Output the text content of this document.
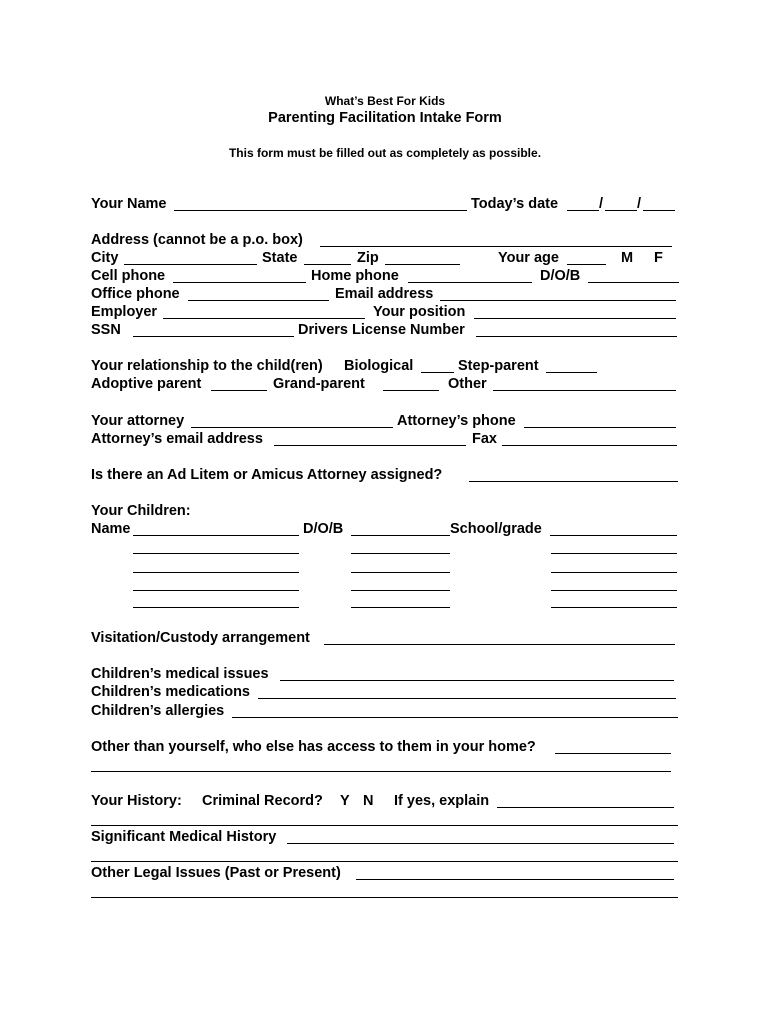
What’s Best For Kids
Parenting Facilitation Intake Form
This form must be filled out as completely as possible.
Your Name	Today’s date	/ /
Address (cannot be a p.o. box)
City	State	Zip	Your age	M F
Cell phone	Home phone	D/O/B
Office phone	Email address
Employer	Your position
SSN	Drivers License Number
Your relationship to the child(ren) Biological	Step-parent
Adoptive parent	Grand-parent	Other
Your attorney	Attorney’s phone
Attorney’s email address	Fax
Is there an Ad Litem or Amicus Attorney assigned?
Your Children:
Name	D/O/B	School/grade
Visitation/Custody arrangement
Children’s medical issues
Children’s medications
Children’s allergies
Other than yourself, who else has access to them in your home?
Your History: Criminal Record? Y N If yes, explain
Significant Medical History
Other Legal Issues (Past or Present)
